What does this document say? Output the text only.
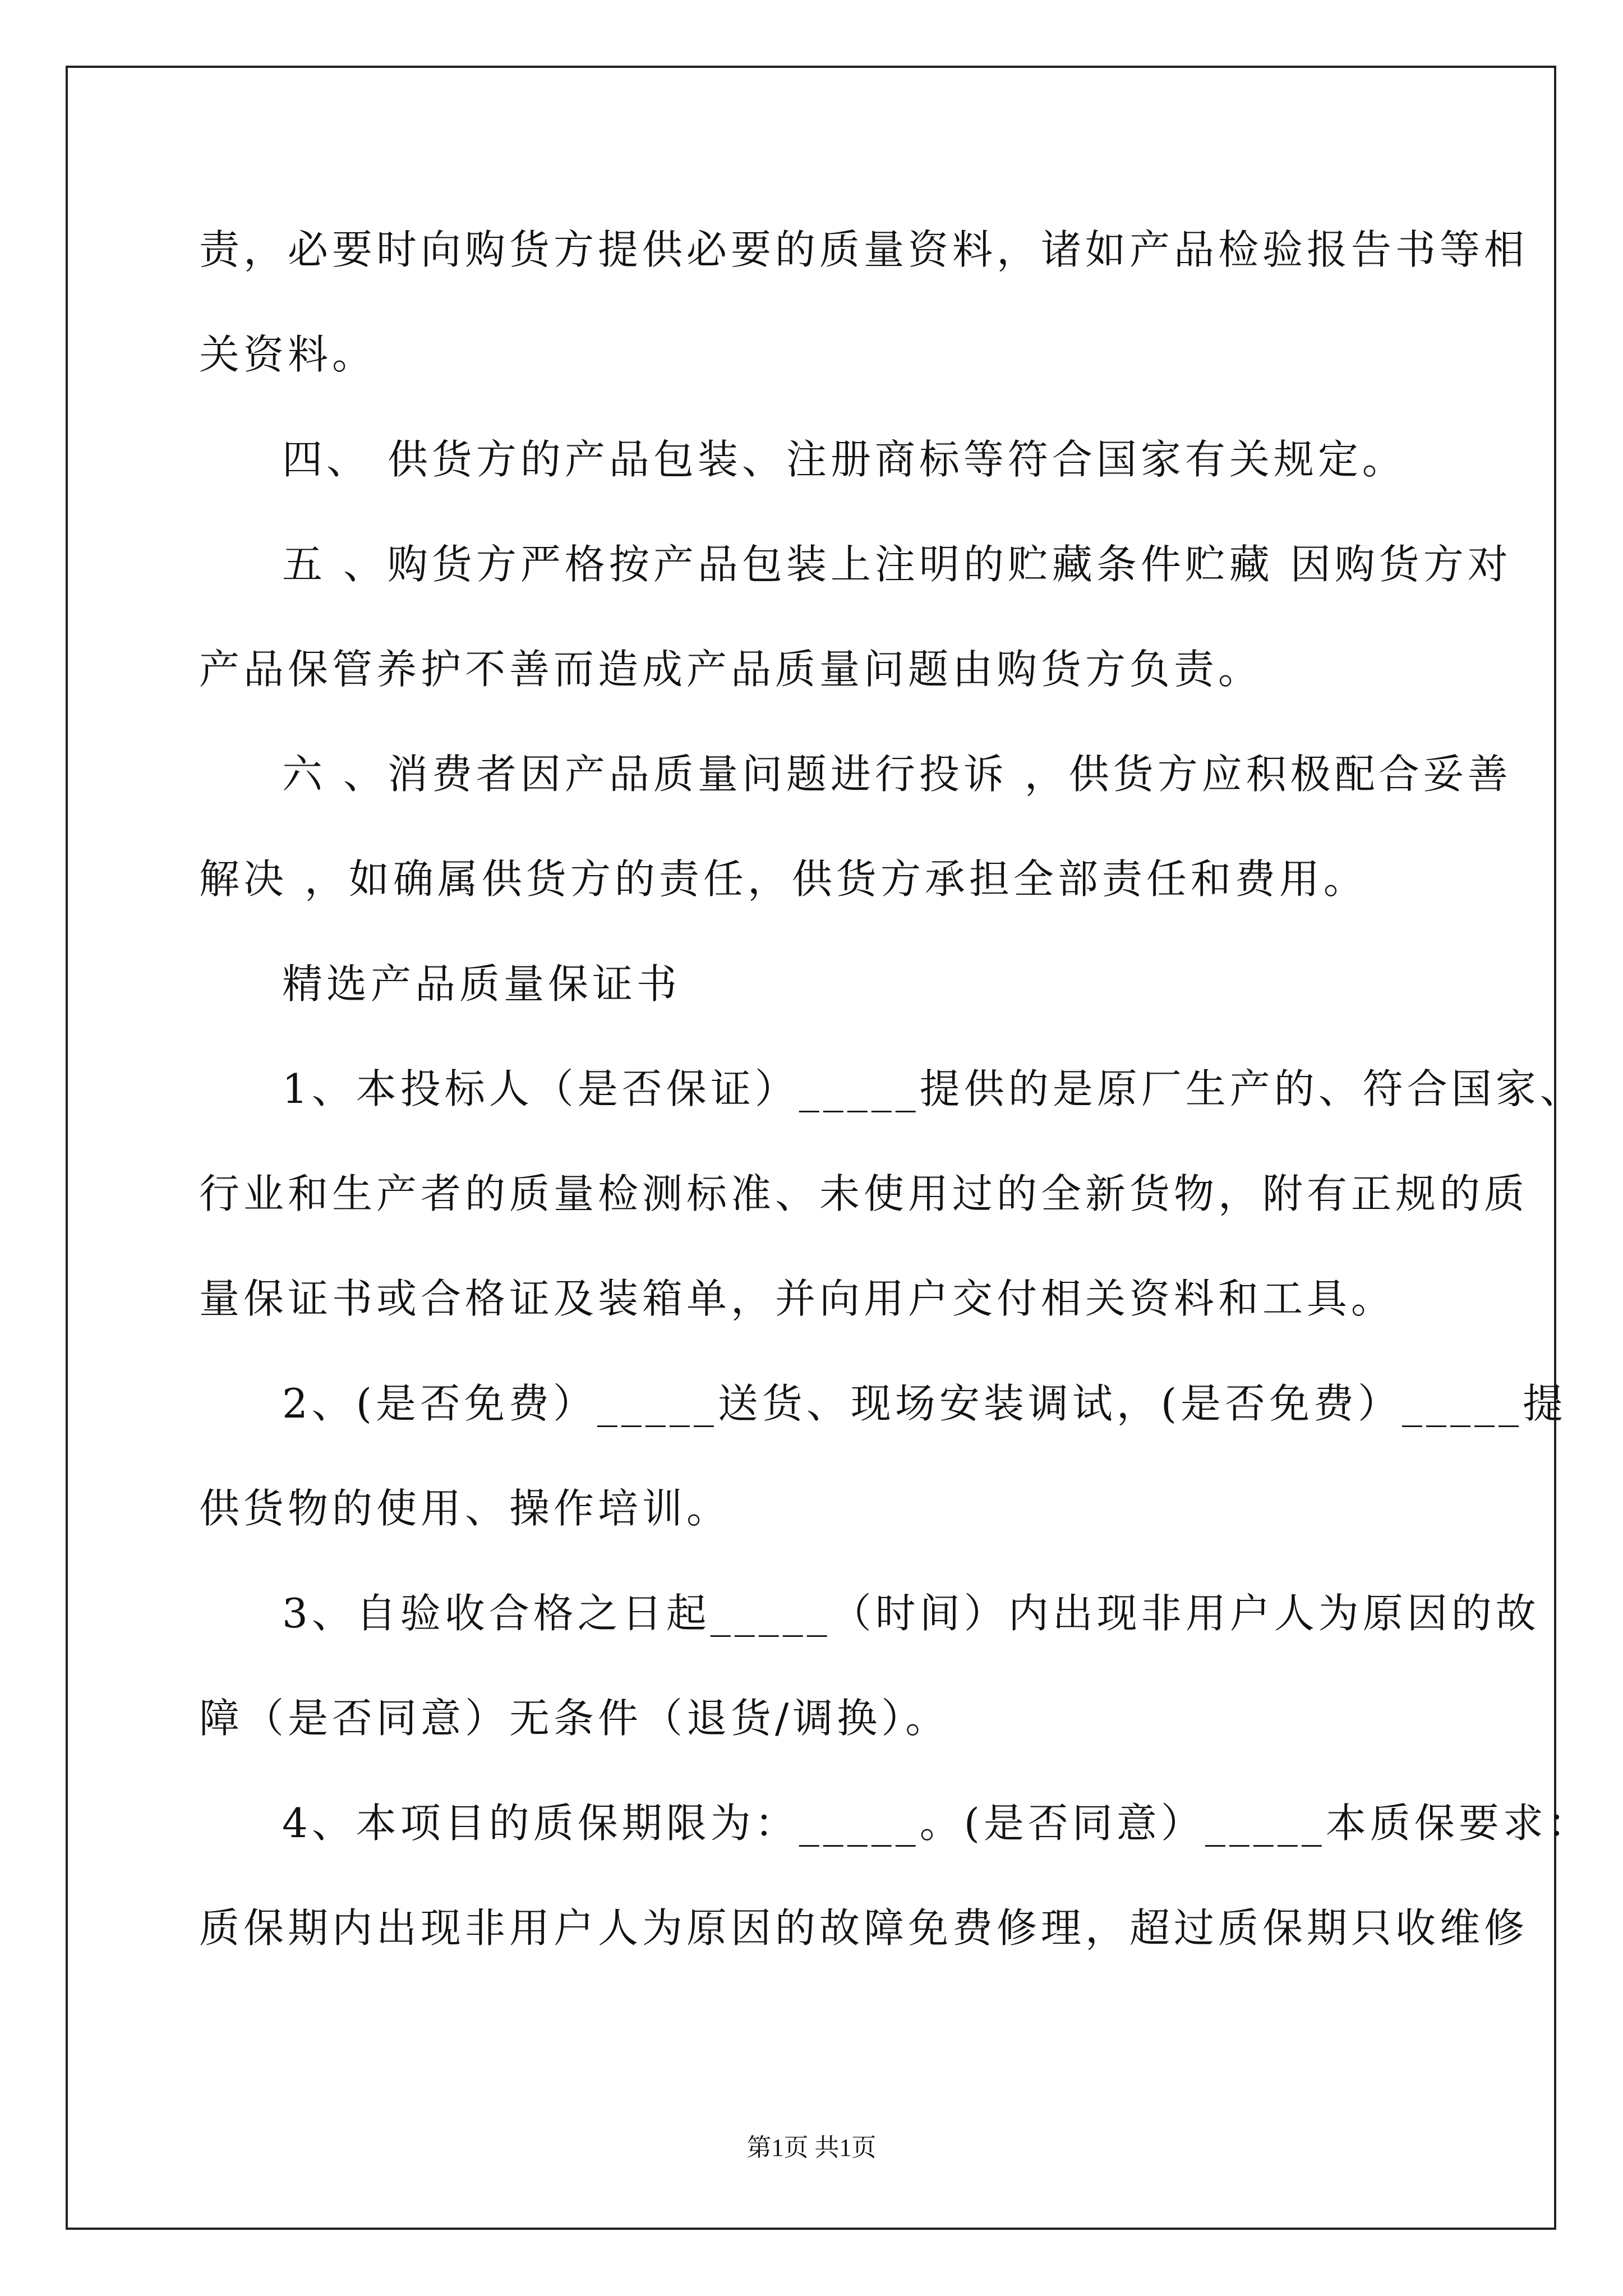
责，必要时向购货方提供必要的质量资料，诸如产品检验报告书等相
关资料。
四、 供货方的产品包装、注册商标等符合国家有关规定。
五 、购货方严格按产品包装上注明的贮藏条件贮藏 因购货方对
产品保管养护不善而造成产品质量问题由购货方负责。
六 、消费者因产品质量问题进行投诉 ，供货方应积极配合妥善
解决 ，如确属供货方的责任，供货方承担全部责任和费用。
精选产品质量保证书
1、本投标人（是否保证）_____提供的是原厂生产的、符合国家、
行业和生产者的质量检测标准、未使用过的全新货物，附有正规的质
量保证书或合格证及装箱单，并向用户交付相关资料和工具。
2、(是否免费）_____送货、现场安装调试，(是否免费）_____提
供货物的使用、操作培训。
3、自验收合格之日起_____（时间）内出现非用户人为原因的故
障（是否同意）无条件（退货/调换）。
4、本项目的质保期限为：_____。(是否同意）_____本质保要求：
质保期内出现非用户人为原因的故障免费修理，超过质保期只收维修
第1页 共1页
